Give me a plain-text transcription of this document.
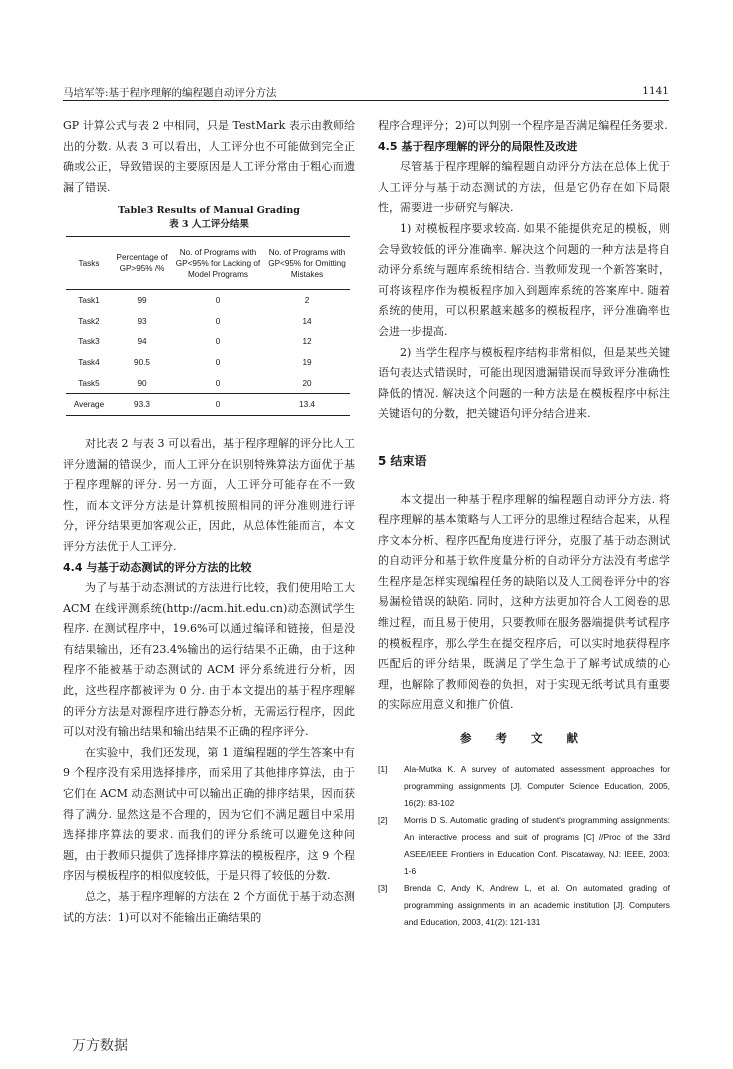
马培军等:基于程序理解的编程题自动评分方法	1141

GP 计算公式与表 2 中相同，只是 TestMark 表示由教师给出的分数. 从表 3 可以看出，人工评分也不可能做到完全正确或公正，导致错误的主要原因是人工评分常由于粗心而遗漏了错误.

Table3 Results of Manual Grading
表 3 人工评分结果
Tasks	Percentage of GP>95% /%	No. of Programs with GP<95% for Lacking of Model Programs	No. of Programs with GP<95% for Omitting Mistakes
Task1	99	0	2
Task2	93	0	14
Task3	94	0	12
Task4	90.5	0	19
Task5	90	0	20
Average	93.3	0	13.4

对比表 2 与表 3 可以看出，基于程序理解的评分比人工评分遗漏的错误少，而人工评分在识别特殊算法方面优于基于程序理解的评分. 另一方面，人工评分可能存在不一致性，而本文评分方法是计算机按照相同的评分准则进行评分，评分结果更加客观公正，因此，从总体性能而言，本文评分方法优于人工评分.

4.4 与基于动态测试的评分方法的比较

为了与基于动态测试的方法进行比较，我们使用哈工大 ACM 在线评测系统(http://acm.hit.edu.cn)动态测试学生程序. 在测试程序中，19.6%可以通过编译和链接，但是没有结果输出，还有23.4%输出的运行结果不正确，由于这种程序不能被基于动态测试的 ACM 评分系统进行分析，因此，这些程序都被评为 0 分. 由于本文提出的基于程序理解的评分方法是对源程序进行静态分析，无需运行程序，因此可以对没有输出结果和输出结果不正确的程序评分.

在实验中，我们还发现，第 1 道编程题的学生答案中有 9 个程序没有采用选择排序，而采用了其他排序算法，由于它们在 ACM 动态测试中可以输出正确的排序结果，因而获得了满分. 显然这是不合理的，因为它们不满足题目中采用选择排序算法的要求. 而我们的评分系统可以避免这种问题，由于教师只提供了选择排序算法的模板程序，这 9 个程序因与模板程序的相似度较低，于是只得了较低的分数.

总之，基于程序理解的方法在 2 个方面优于基于动态测试的方法：1)可以对不能输出正确结果的

程序合理评分；2)可以判别一个程序是否满足编程任务要求.

4.5 基于程序理解的评分的局限性及改进

尽管基于程序理解的编程题自动评分方法在总体上优于人工评分与基于动态测试的方法，但是它仍存在如下局限性，需要进一步研究与解决.

1) 对模板程序要求较高. 如果不能提供充足的模板，则会导致较低的评分准确率. 解决这个问题的一种方法是将自动评分系统与题库系统相结合. 当教师发现一个新答案时，可将该程序作为模板程序加入到题库系统的答案库中. 随着系统的使用，可以积累越来越多的模板程序，评分准确率也会进一步提高.

2) 当学生程序与模板程序结构非常相似，但是某些关键语句表达式错误时，可能出现因遗漏错误而导致评分准确性降低的情况. 解决这个问题的一种方法是在模板程序中标注关键语句的分数，把关键语句评分结合进来.

5 结束语

本文提出一种基于程序理解的编程题自动评分方法. 将程序理解的基本策略与人工评分的思维过程结合起来，从程序文本分析、程序匹配角度进行评分，克服了基于动态测试的自动评分和基于软件度量分析的自动评分方法没有考虑学生程序是怎样实现编程任务的缺陷以及人工阅卷评分中的容易漏检错误的缺陷. 同时，这种方法更加符合人工阅卷的思维过程，而且易于使用，只要教师在服务器端提供考试程序的模板程序，那么学生在提交程序后，可以实时地获得程序匹配后的评分结果，既满足了学生急于了解考试成绩的心理，也解除了教师阅卷的负担，对于实现无纸考试具有重要的实际应用意义和推广价值.

参 考 文 献
[1]	Ala-Mutka K. A survey of automated assessment approaches for programming assignments [J]. Computer Science Education, 2005, 16(2): 83-102
[2]	Morris D S. Automatic grading of student's programming assignments: An interactive process and suit of programs [C] //Proc of the 33rd ASEE/IEEE Frontiers in Education Conf. Piscataway, NJ: IEEE, 2003: 1-6
[3]	Brenda C, Andy K, Andrew L, et al. On automated grading of programming assignments in an academic institution [J]. Computers and Education, 2003, 41(2): 121-131
万方数据
